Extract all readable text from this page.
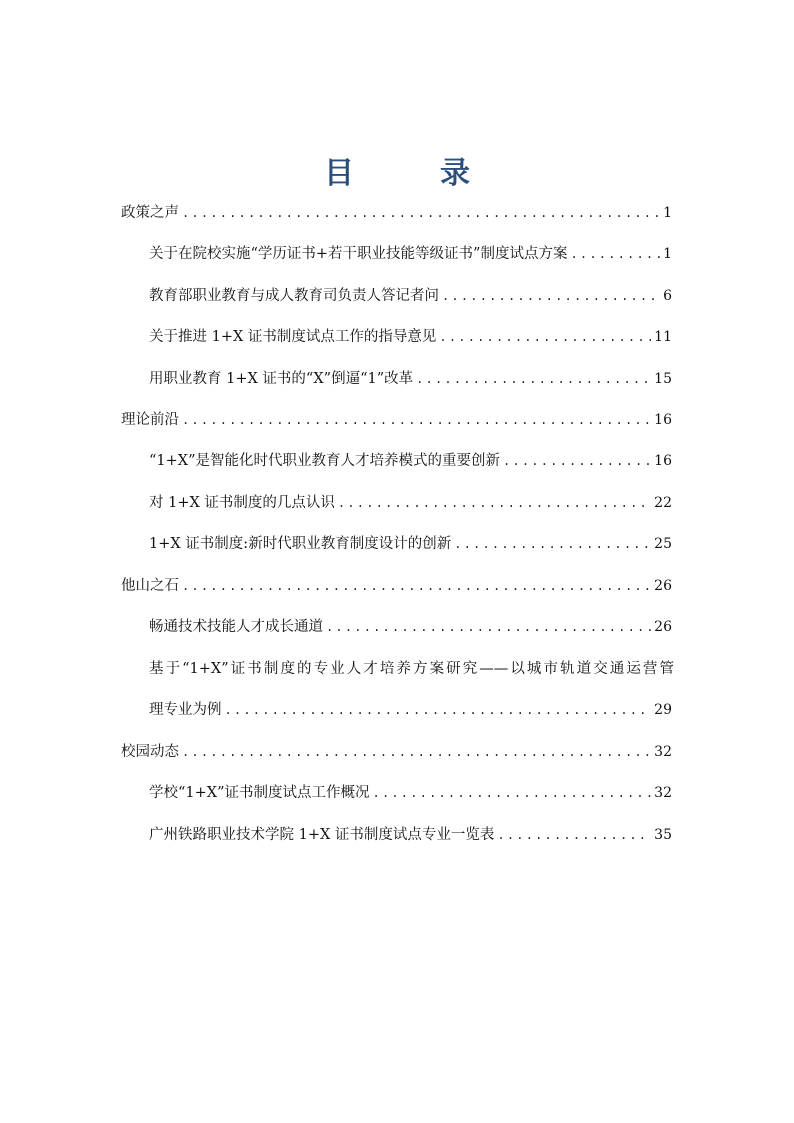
目　录
政策之声 .....	1
关于在院校实施“学历证书+若干职业技能等级证书”制度试点方案 .....	1
教育部职业教育与成人教育司负责人答记者问 .....	6
关于推进 1+X 证书制度试点工作的指导意见 .....	11
用职业教育 1+X 证书的“X”倒逼“1”改革 .....	15
理论前沿 .....	16
“1+X”是智能化时代职业教育人才培养模式的重要创新 .....	16
对 1+X 证书制度的几点认识 .....	22
1+X 证书制度:新时代职业教育制度设计的创新 .....	25
他山之石 .....	26
畅通技术技能人才成长通道 .....	26
基于“1+X”证书制度的专业人才培养方案研究——以城市轨道交通运营管
理专业为例 .....	29
校园动态 .....	32
学校“1+X”证书制度试点工作概况 .....	32
广州铁路职业技术学院 1+X 证书制度试点专业一览表 .....	35
